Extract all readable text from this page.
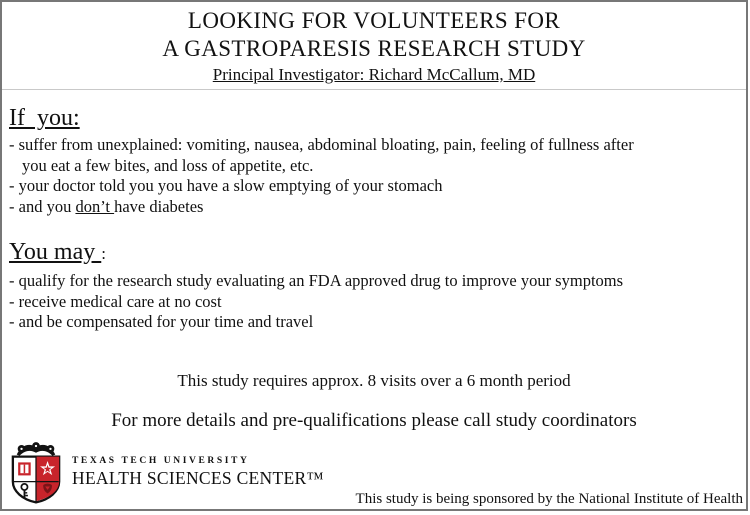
LOOKING FOR VOLUNTEERS FOR
A GASTROPARESIS RESEARCH STUDY
Principal Investigator: Richard McCallum, MD
If  you:
- suffer from unexplained: vomiting, nausea, abdominal bloating, pain, feeling of fullness after
you eat a few bites, and loss of appetite, etc.
- your doctor told you you have a slow emptying of your stomach
- and you don’t have diabetes
You may :
- qualify for the research study evaluating an FDA approved drug to improve your symptoms
- receive medical care at no cost
- and be compensated for your time and travel
This study requires approx. 8 visits over a 6 month period
For more details and pre-qualifications please call study coordinators
TEXAS TECH UNIVERSITY
HEALTH SCIENCES CENTER™
This study is being sponsored by the National Institute of Health
